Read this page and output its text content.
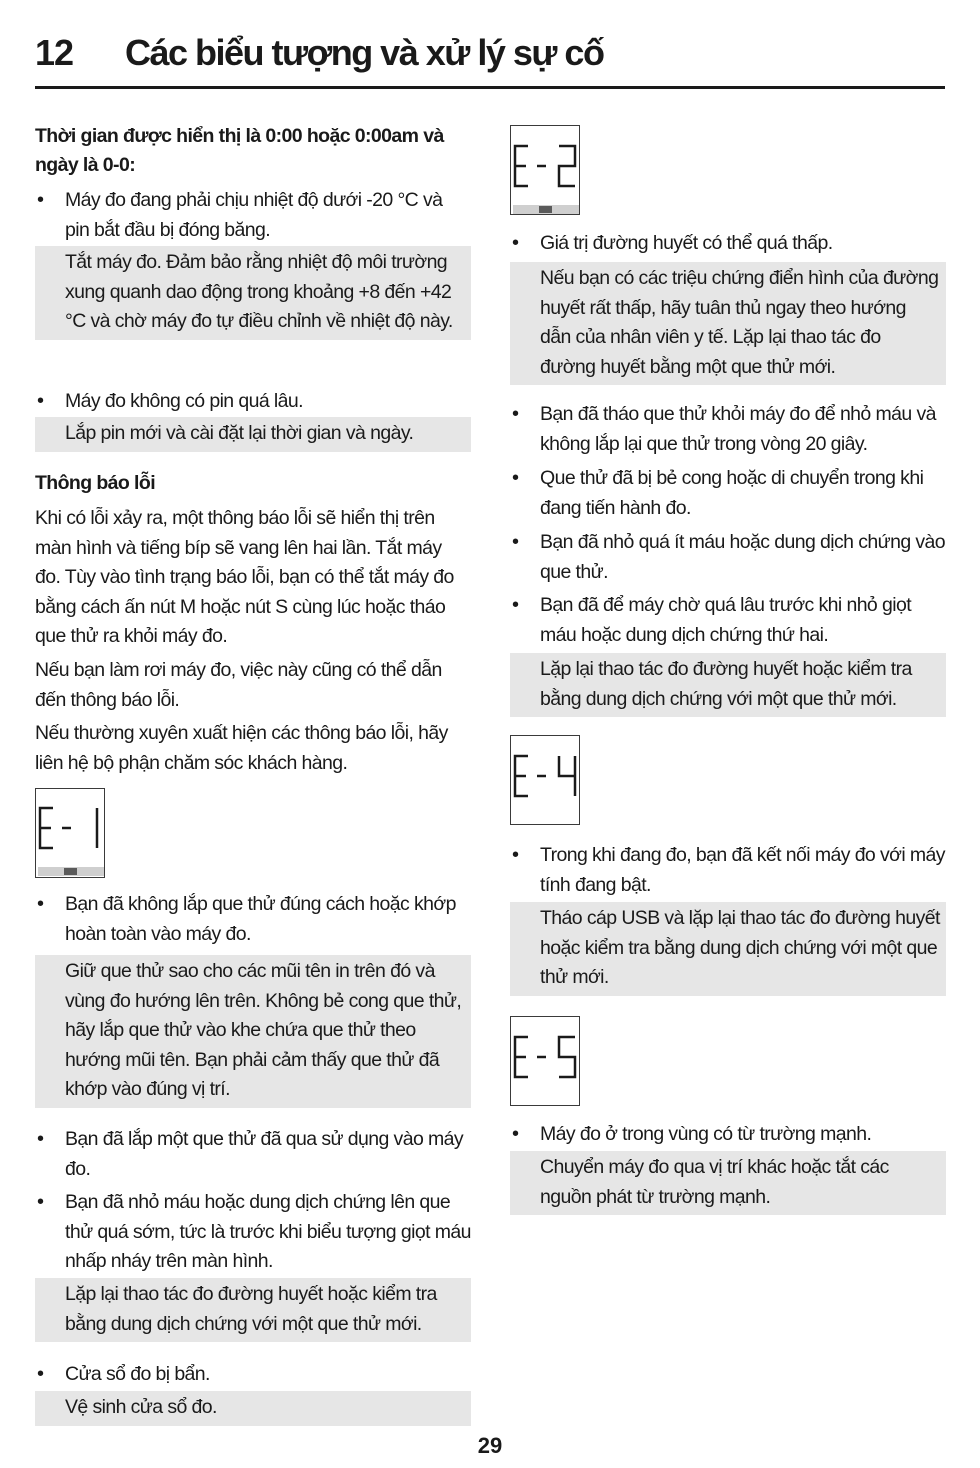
12 Các biểu tượng và xử lý sự cố
Thời gian được hiển thị là 0:00 hoặc 0:00am và ngày là 0-0:
• Máy đo đang phải chịu nhiệt độ dưới -20 °C và pin bắt đầu bị đóng băng.
Tắt máy đo. Đảm bảo rằng nhiệt độ môi trường xung quanh dao động trong khoảng +8 đến +42 °C và chờ máy đo tự điều chỉnh về nhiệt độ này.
• Máy đo không có pin quá lâu.
Lắp pin mới và cài đặt lại thời gian và ngày.
Thông báo lỗi
Khi có lỗi xảy ra, một thông báo lỗi sẽ hiển thị trên màn hình và tiếng bíp sẽ vang lên hai lần. Tắt máy đo. Tùy vào tình trạng báo lỗi, bạn có thể tắt máy đo bằng cách ấn nút M hoặc nút S cùng lúc hoặc tháo que thử ra khỏi máy đo.
Nếu bạn làm rơi máy đo, việc này cũng có thể dẫn đến thông báo lỗi.
Nếu thường xuyên xuất hiện các thông báo lỗi, hãy liên hệ bộ phận chăm sóc khách hàng.
• Bạn đã không lắp que thử đúng cách hoặc khớp hoàn toàn vào máy đo.
Giữ que thử sao cho các mũi tên in trên đó và vùng đo hướng lên trên. Không bẻ cong que thử, hãy lắp que thử vào khe chứa que thử theo hướng mũi tên. Bạn phải cảm thấy que thử đã khớp vào đúng vị trí.
• Bạn đã lắp một que thử đã qua sử dụng vào máy đo.
• Bạn đã nhỏ máu hoặc dung dịch chứng lên que thử quá sớm, tức là trước khi biểu tượng giọt máu nhấp nháy trên màn hình.
Lặp lại thao tác đo đường huyết hoặc kiểm tra bằng dung dịch chứng với một que thử mới.
• Cửa sổ đo bị bẩn.
Vệ sinh cửa sổ đo.
• Giá trị đường huyết có thể quá thấp.
Nếu bạn có các triệu chứng điển hình của đường huyết rất thấp, hãy tuân thủ ngay theo hướng dẫn của nhân viên y tế. Lặp lại thao tác đo đường huyết bằng một que thử mới.
• Bạn đã tháo que thử khỏi máy đo để nhỏ máu và không lắp lại que thử trong vòng 20 giây.
• Que thử đã bị bẻ cong hoặc di chuyển trong khi đang tiến hành đo.
• Bạn đã nhỏ quá ít máu hoặc dung dịch chứng vào que thử.
• Bạn đã để máy chờ quá lâu trước khi nhỏ giọt máu hoặc dung dịch chứng thứ hai.
Lặp lại thao tác đo đường huyết hoặc kiểm tra bằng dung dịch chứng với một que thử mới.
• Trong khi đang đo, bạn đã kết nối máy đo với máy tính đang bật.
Tháo cáp USB và lặp lại thao tác đo đường huyết hoặc kiểm tra bằng dung dịch chứng với một que thử mới.
• Máy đo ở trong vùng có từ trường mạnh.
Chuyển máy đo qua vị trí khác hoặc tắt các nguồn phát từ trường mạnh.
29
